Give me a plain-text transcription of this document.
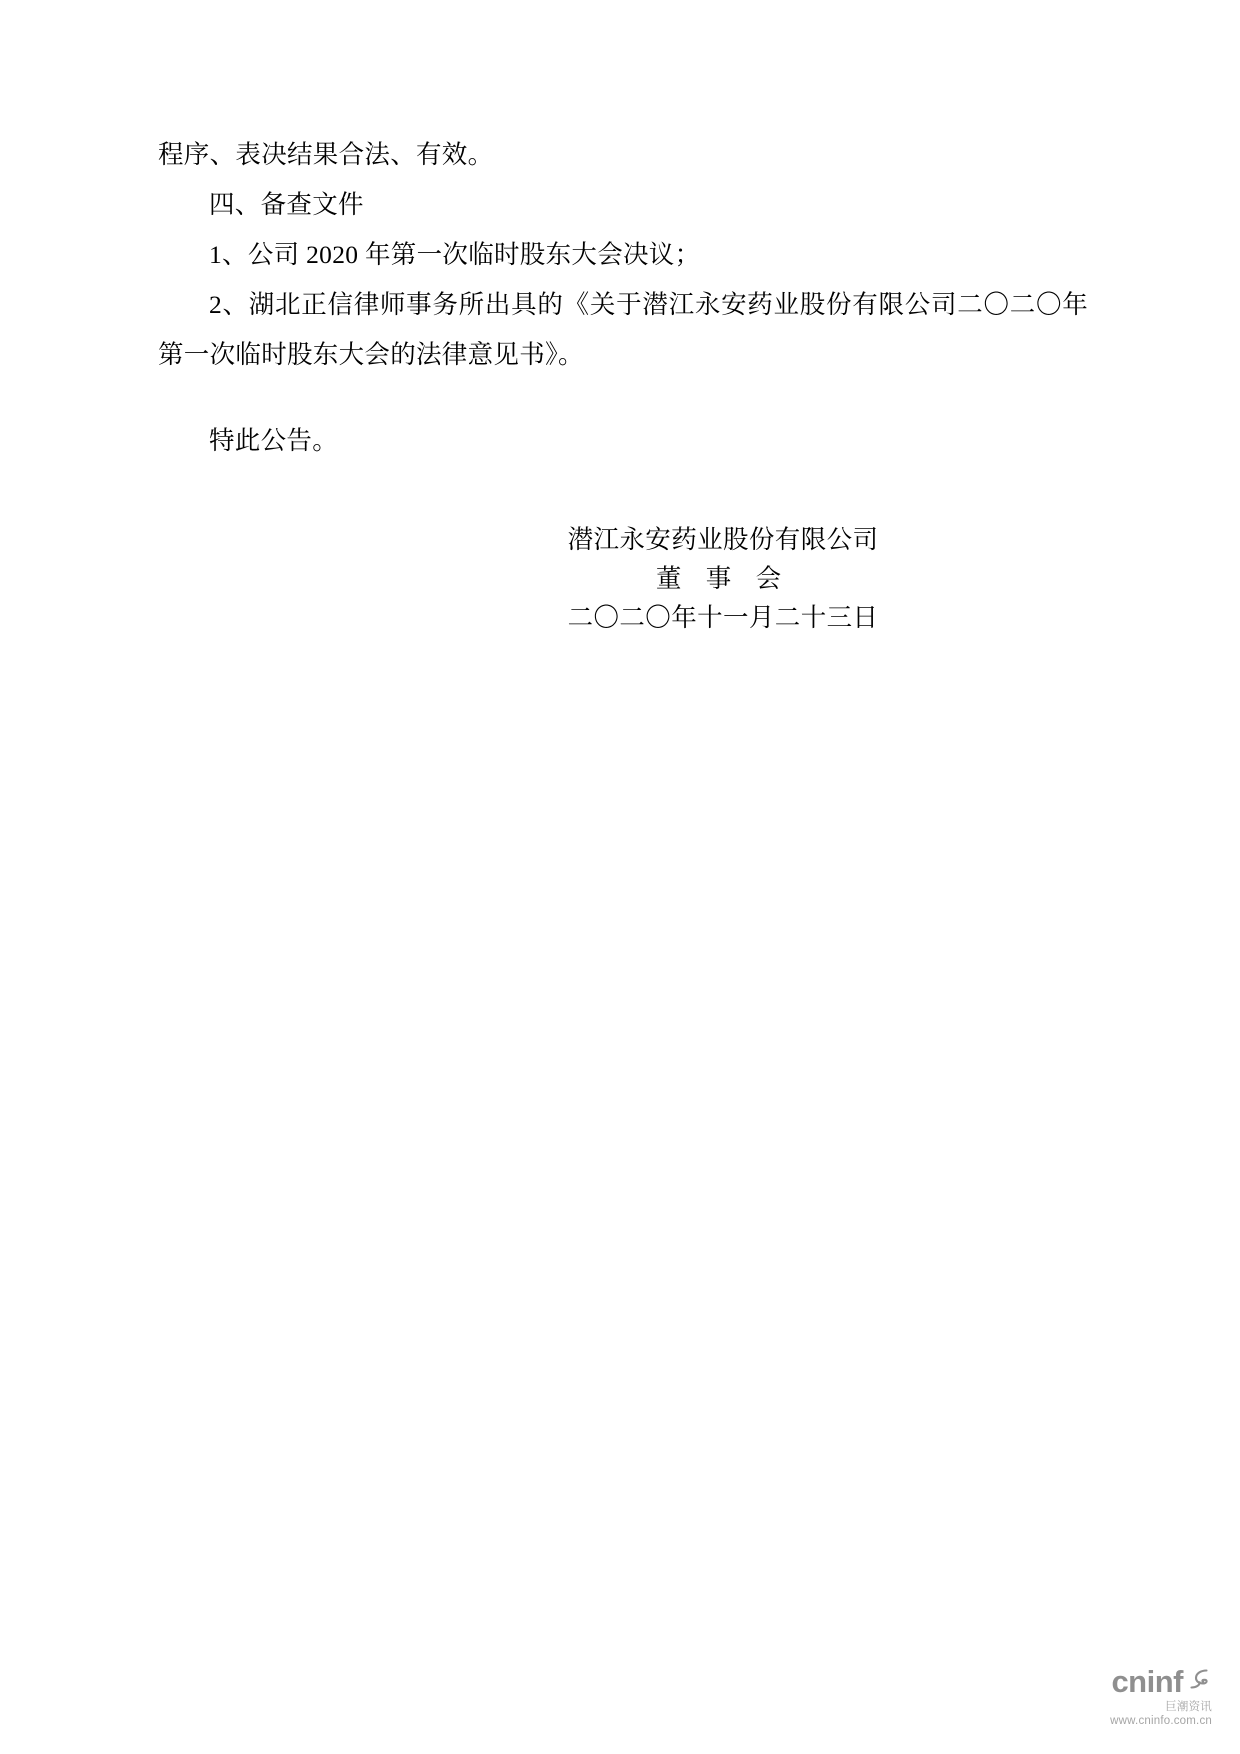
程序、表决结果合法、有效。

四、备查文件

1、公司 2020 年第一次临时股东大会决议；

2、湖北正信律师事务所出具的《关于潜江永安药业股份有限公司二〇二〇年第一次临时股东大会的法律意见书》。

特此公告。

潜江永安药业股份有限公司

董 事 会

二〇二〇年十一月二十三日

cninf
巨潮资讯
www.cninfo.com.cn
